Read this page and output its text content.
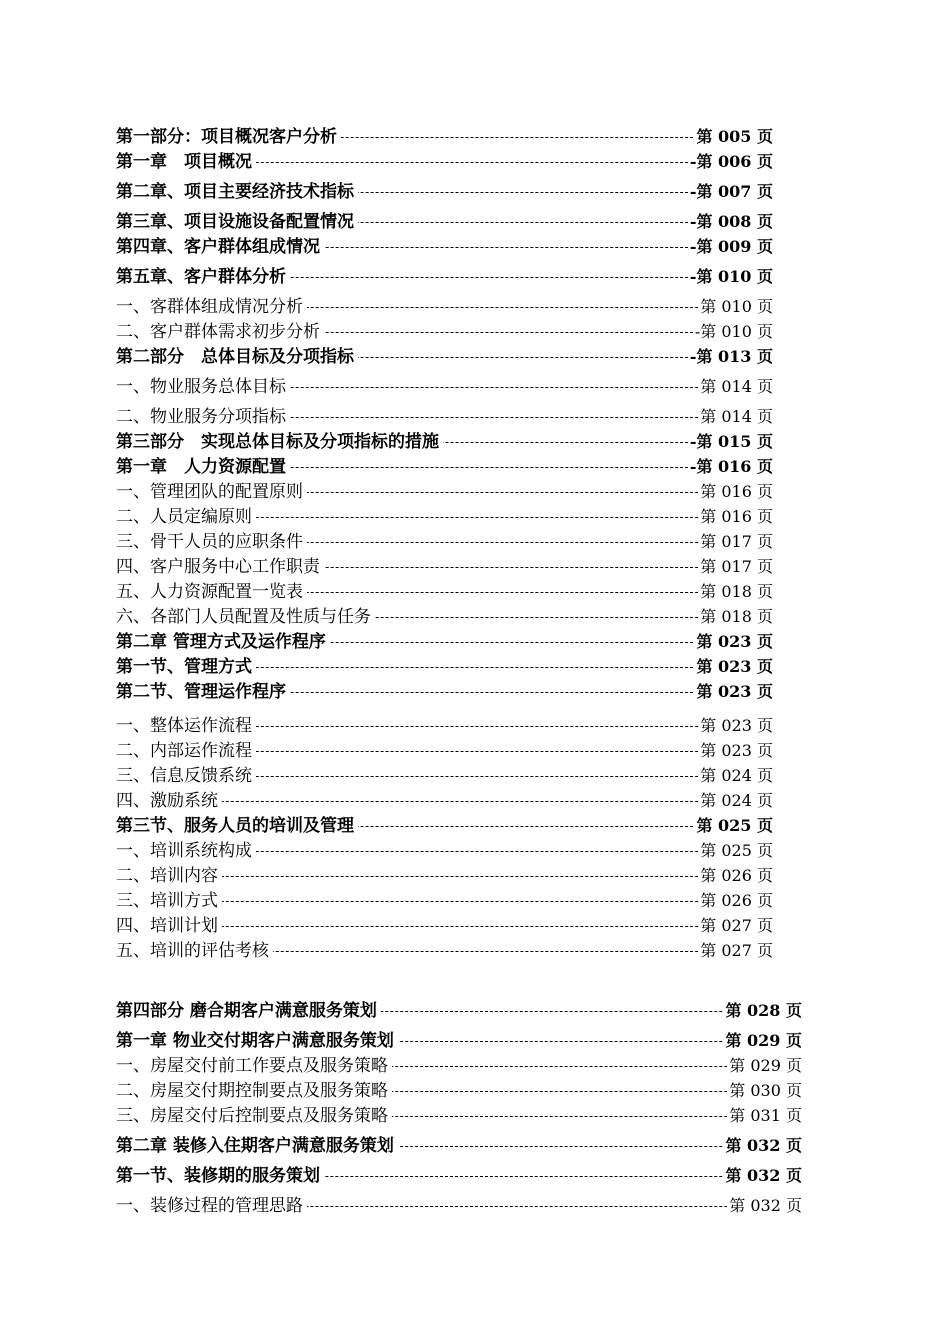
第一部分：项目概况客户分析	第 005 页
第一章　项目概况	-第 006 页
第二章、项目主要经济技术指标	-第 007 页
第三章、项目设施设备配置情况	-第 008 页
第四章、客户群体组成情况	-第 009 页
第五章、客户群体分析	-第 010 页
一、客群体组成情况分析	第 010 页
二、客户群体需求初步分析	-第 010 页
第二部分　总体目标及分项指标	-第 013 页
一、物业服务总体目标	第 014 页
二、物业服务分项指标	第 014 页
第三部分　实现总体目标及分项指标的措施	-第 015 页
第一章　人力资源配置	-第 016 页
一、管理团队的配置原则	第 016 页
二、人员定编原则	第 016 页
三、骨干人员的应职条件	第 017 页
四、客户服务中心工作职责	第 017 页
五、人力资源配置一览表	第 018 页
六、各部门人员配置及性质与任务	第 018 页
第二章 管理方式及运作程序	第 023 页
第一节、管理方式	第 023 页
第二节、管理运作程序	第 023 页
一、整体运作流程	第 023 页
二、内部运作流程	第 023 页
三、信息反馈系统	第 024 页
四、激励系统	第 024 页
第三节、服务人员的培训及管理	第 025 页
一、培训系统构成	第 025 页
二、培训内容	第 026 页
三、培训方式	第 026 页
四、培训计划	第 027 页
五、培训的评估考核	第 027 页
第四部分 磨合期客户满意服务策划	第 028 页
第一章 物业交付期客户满意服务策划	第 029 页
一、房屋交付前工作要点及服务策略	第 029 页
二、房屋交付期控制要点及服务策略	第 030 页
三、房屋交付后控制要点及服务策略	第 031 页
第二章 装修入住期客户满意服务策划	第 032 页
第一节、装修期的服务策划	第 032 页
一、装修过程的管理思路	第 032 页
